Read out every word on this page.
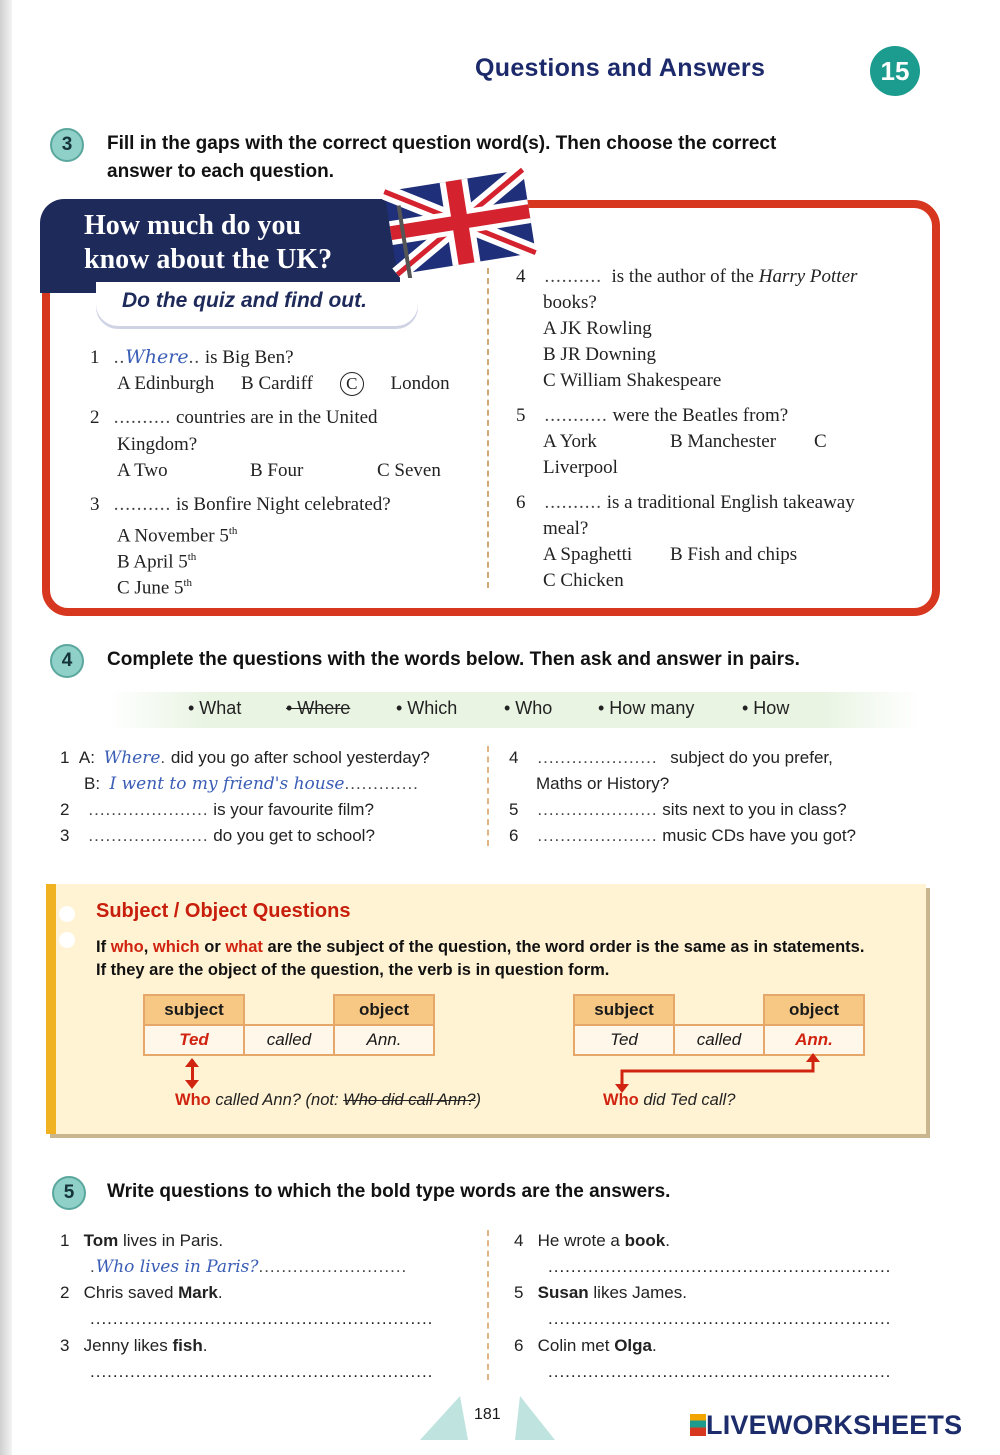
Questions and Answers	15
3	Fill in the gaps with the correct question word(s). Then choose the correct
answer to each question.
How much do you
know about the UK?
Do the quiz and find out.
1 ..Where.. is Big Ben?
A Edinburgh B Cardiff C London
2 .......... countries are in the United
Kingdom?
A Two	B Four	C Seven
3 .......... is Bonfire Night celebrated?
A November 5th
B April 5th
C June 5th
4 .......... is the author of the Harry Potter
books?
A JK Rowling
B JR Downing
C William Shakespeare
5 ........... were the Beatles from?
A York	B Manchester C
Liverpool
6 .......... is a traditional English takeaway
meal?
A Spaghetti B Fish and chips
C Chicken
4	Complete the questions with the words below. Then ask and answer in pairs.
• What • Where	• Which	• Who	• How many	• How
1 A: Where. did you go after school yesterday?
B: I went to my friend's house.............
2 ..................... is your favourite film?
3 ..................... do you get to school?
4 ..................... subject do you prefer,
Maths or History?
5 ..................... sits next to you in class?
6 ..................... music CDs have you got?
Subject / Object Questions
If who, which or what are the subject of the question, the word order is the same as in statements.
If they are the object of the question, the verb is in question form.
subject		object
Ted	called	Ann.
Who called Ann? (not: Who did call Ann?)
subject		object
Ted	called	Ann.
Who did Ted call?
5	Write questions to which the bold type words are the answers.
1 Tom lives in Paris.
.Who lives in Paris?..........................
2 Chris saved Mark.
............................................................
3 Jenny likes fish.
............................................................
4 He wrote a book.
............................................................
5 Susan likes James.
............................................................
6 Colin met Olga.
............................................................
181	LIVEWORKSHEETS
